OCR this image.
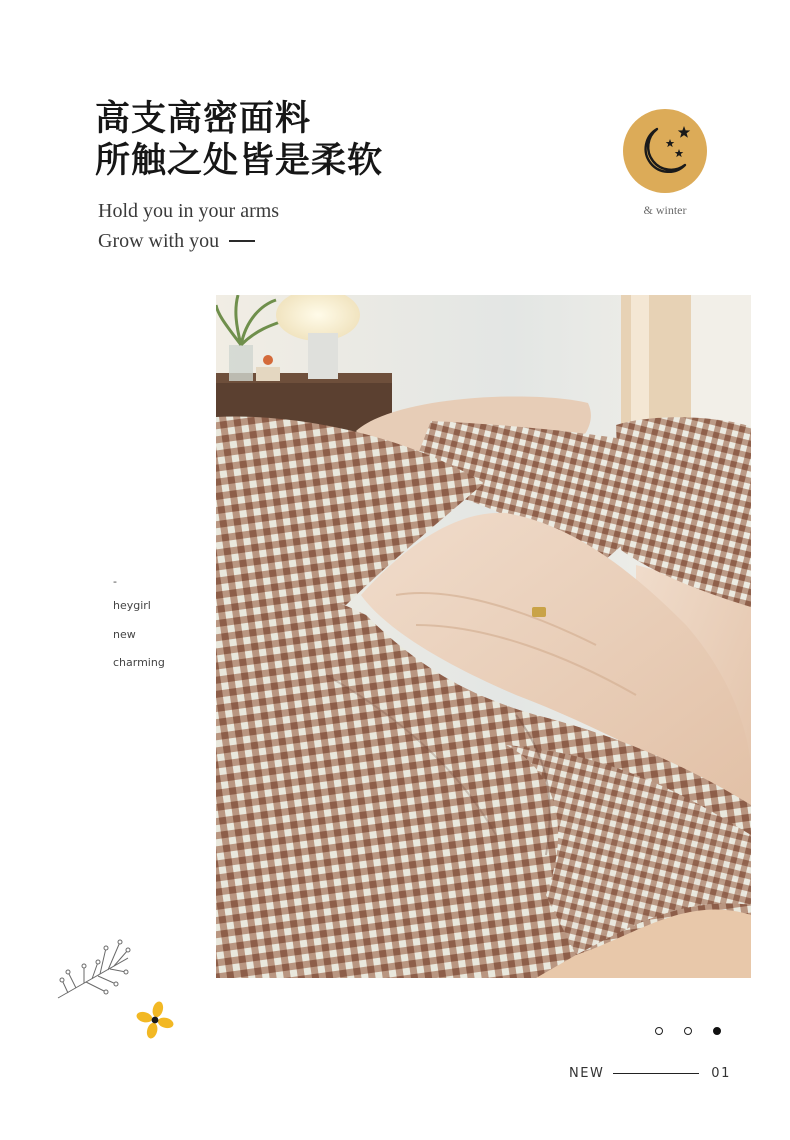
高支高密面料
所触之处皆是柔软
Hold you in your arms
Grow with you
& winter
-
heygirl
new
charming
NEW	01
